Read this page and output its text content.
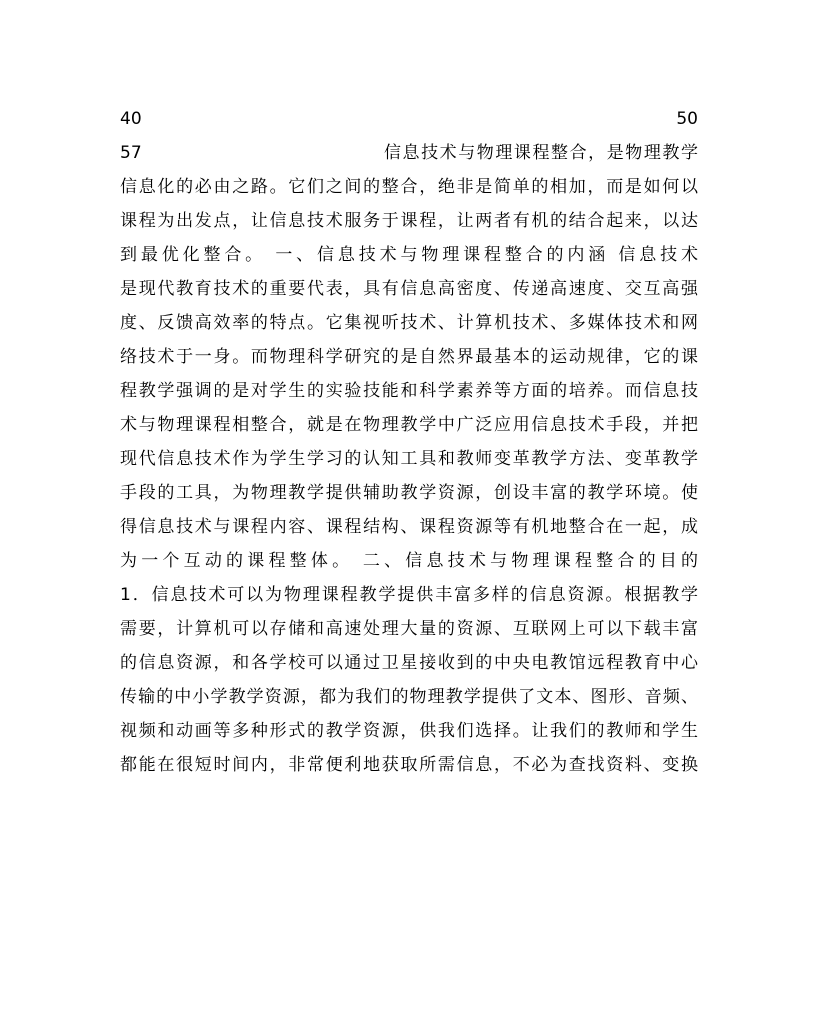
40	50
57	信息技术与物理课程整合，是物理教学
信息化的必由之路。它们之间的整合，绝非是简单的相加，而是如何以
课程为出发点，让信息技术服务于课程，让两者有机的结合起来，以达
到最优化整合。 一、信息技术与物理课程整合的内涵 信息技术
是现代教育技术的重要代表，具有信息高密度、传递高速度、交互高强
度、反馈高效率的特点。它集视听技术、计算机技术、多媒体技术和网
络技术于一身。而物理科学研究的是自然界最基本的运动规律，它的课
程教学强调的是对学生的实验技能和科学素养等方面的培养。而信息技
术与物理课程相整合，就是在物理教学中广泛应用信息技术手段，并把
现代信息技术作为学生学习的认知工具和教师变革教学方法、变革教学
手段的工具，为物理教学提供辅助教学资源，创设丰富的教学环境。使
得信息技术与课程内容、课程结构、课程资源等有机地整合在一起，成
为一个互动的课程整体。 二、信息技术与物理课程整合的目的
1．信息技术可以为物理课程教学提供丰富多样的信息资源。根据教学
需要，计算机可以存储和高速处理大量的资源、互联网上可以下载丰富
的信息资源，和各学校可以通过卫星接收到的中央电教馆远程教育中心
传输的中小学教学资源，都为我们的物理教学提供了文本、图形、音频、
视频和动画等多种形式的教学资源，供我们选择。让我们的教师和学生
都能在很短时间内，非常便利地获取所需信息，不必为查找资料、变换
